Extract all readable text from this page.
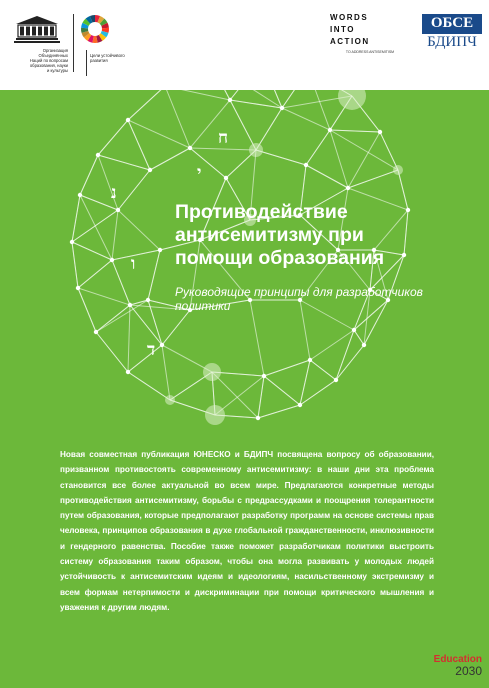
Организация Объединённых Наций по вопросам образования, науки и культуры
Цели устойчивого развития
WORDS
INTO
ACTION
TO ADDRESS ANTISEMITISM
ОБСЕ
БДИПЧ
ח
י
נ
ו
ד
Противодействие антисемитизму при помощи образования

Руководящие принципы для разработчиков политики

Новая совместная публикация ЮНЕСКО и БДИПЧ посвящена вопросу об образовании, призванном противостоять современному антисемитизму: в наши дни эта проблема становится все более актуальной во всем мире. Предлагаются конкретные методы противодействия антисемитизму, борьбы с предрассудками и поощрения толерантности путем образования, которые предполагают разработку программ на основе системы прав человека, принципов образования в духе глобальной гражданственности, инклюзивности и гендерного равенства. Пособие также поможет разработчикам политики выстроить систему образования таким образом, чтобы она могла развивать у молодых людей устойчивость к антисемитским идеям и идеологиям, насильственному экстремизму и всем формам нетерпимости и дискриминации при помощи критического мышления и уважения к другим людям.

Education
2030
